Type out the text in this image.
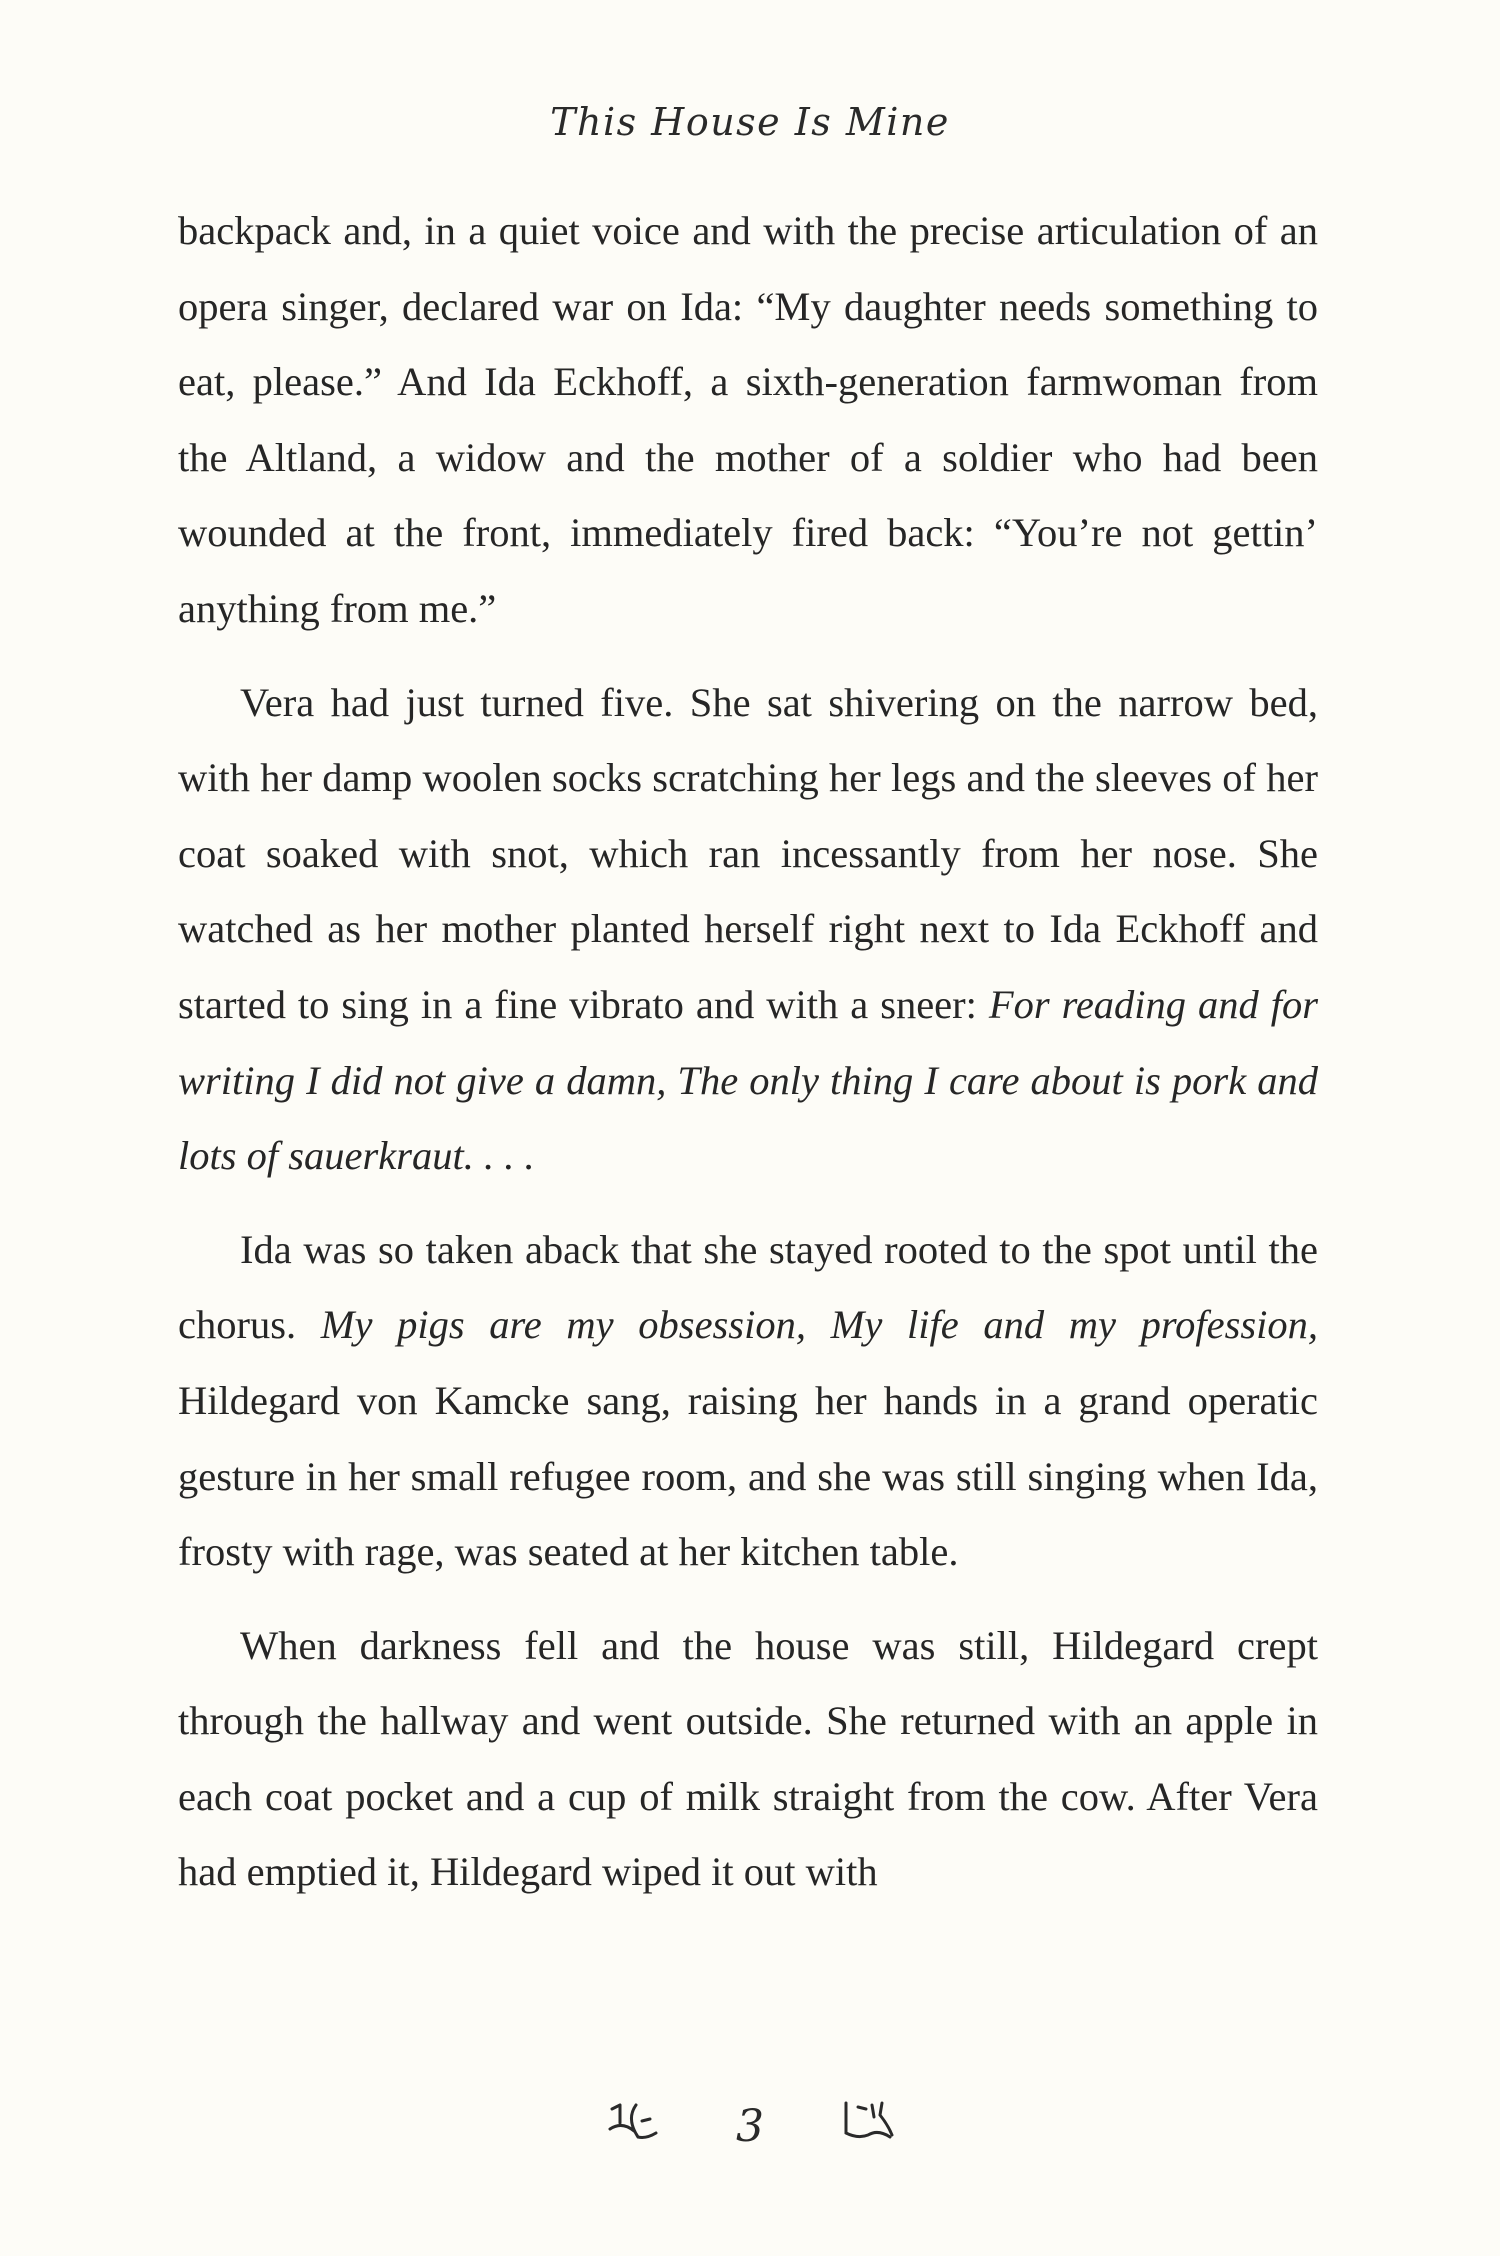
This House Is Mine

backpack and, in a quiet voice and with the precise articulation of an opera singer, declared war on Ida: “My daughter needs something to eat, please.” And Ida Eckhoff, a sixth-generation farmwoman from the Altland, a widow and the mother of a soldier who had been wounded at the front, immediately fired back: “You’re not gettin’ anything from me.”

Vera had just turned five. She sat shivering on the narrow bed, with her damp woolen socks scratching her legs and the sleeves of her coat soaked with snot, which ran incessantly from her nose. She watched as her mother planted herself right next to Ida Eckhoff and started to sing in a fine vibrato and with a sneer: For reading and for writing I did not give a damn, The only thing I care about is pork and lots of sauerkraut. . . .

Ida was so taken aback that she stayed rooted to the spot until the chorus. My pigs are my obsession, My life and my profession, Hildegard von Kamcke sang, raising her hands in a grand operatic gesture in her small refugee room, and she was still singing when Ida, frosty with rage, was seated at her kitchen table.

When darkness fell and the house was still, Hildegard crept through the hallway and went outside. She returned with an apple in each coat pocket and a cup of milk straight from the cow. After Vera had emptied it, Hildegard wiped it out with

3
